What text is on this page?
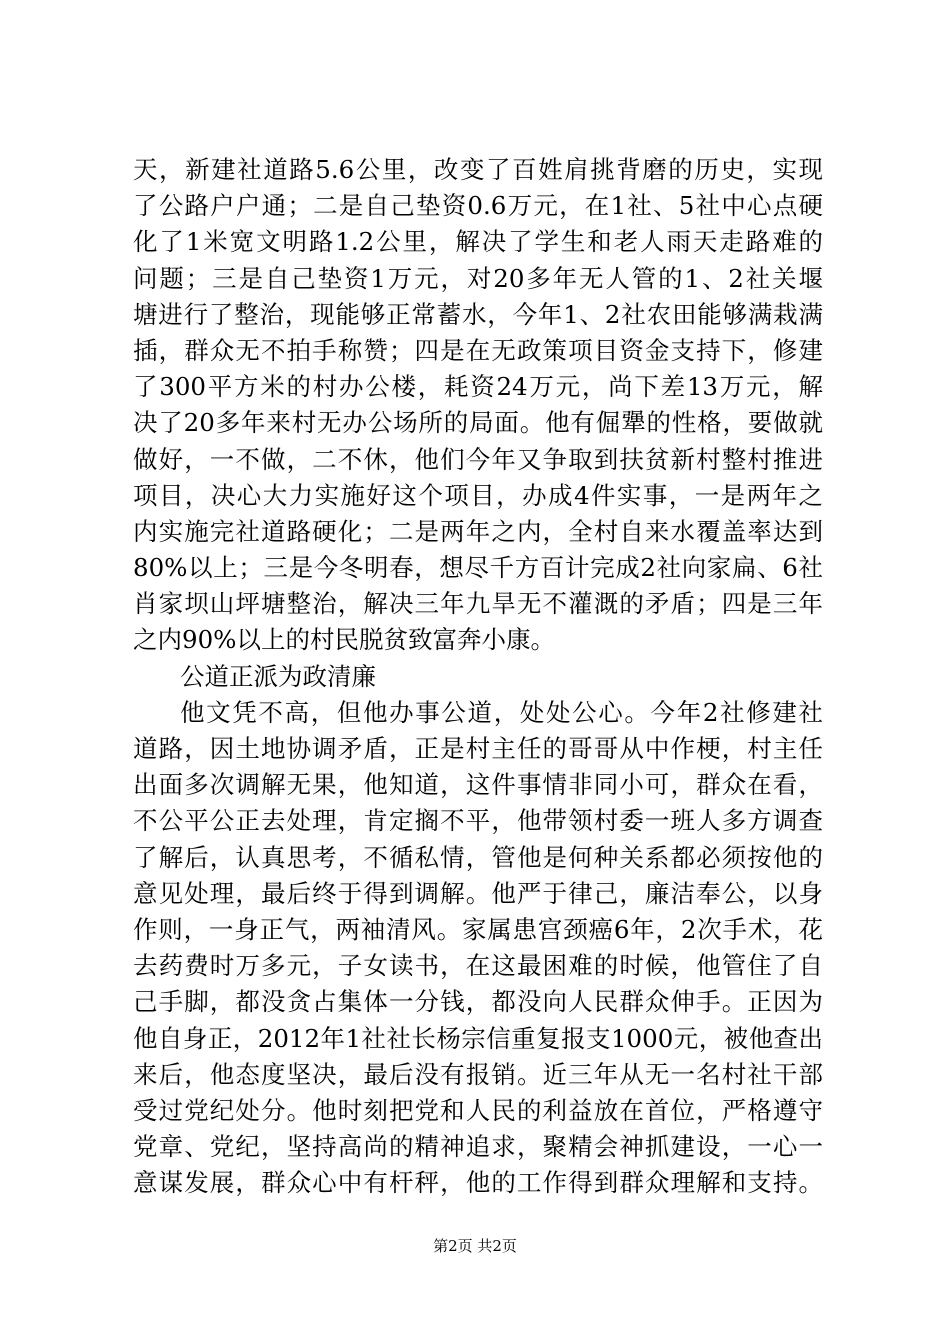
天，新建社道路5.6公里，改变了百姓肩挑背磨的历史，实现
了公路户户通；二是自己垫资0.6万元，在1社、5社中心点硬
化了1米宽文明路1.2公里，解决了学生和老人雨天走路难的
问题；三是自己垫资1万元，对20多年无人管的1、2社关堰
塘进行了整治，现能够正常蓄水，今年1、2社农田能够满栽满
插，群众无不拍手称赞；四是在无政策项目资金支持下，修建
了300平方米的村办公楼，耗资24万元，尚下差13万元，解
决了20多年来村无办公场所的局面。他有倔犟的性格，要做就
做好，一不做，二不休，他们今年又争取到扶贫新村整村推进
项目，决心大力实施好这个项目，办成4件实事，一是两年之
内实施完社道路硬化；二是两年之内，全村自来水覆盖率达到
80%以上；三是今冬明春，想尽千方百计完成2社向家扁、6社
肖家坝山坪塘整治，解决三年九旱无不灌溉的矛盾；四是三年
之内90%以上的村民脱贫致富奔小康。
公道正派为政清廉
他文凭不高，但他办事公道，处处公心。今年2社修建社
道路，因土地协调矛盾，正是村主任的哥哥从中作梗，村主任
出面多次调解无果，他知道，这件事情非同小可，群众在看，
不公平公正去处理，肯定搁不平，他带领村委一班人多方调查
了解后，认真思考，不循私情，管他是何种关系都必须按他的
意见处理，最后终于得到调解。他严于律己，廉洁奉公，以身
作则，一身正气，两袖清风。家属患宫颈癌6年，2次手术，花
去药费时万多元，子女读书，在这最困难的时候，他管住了自
己手脚，都没贪占集体一分钱，都没向人民群众伸手。正因为
他自身正，2012年1社社长杨宗信重复报支1000元，被他查出
来后，他态度坚决，最后没有报销。近三年从无一名村社干部
受过党纪处分。他时刻把党和人民的利益放在首位，严格遵守
党章、党纪，坚持高尚的精神追求，聚精会神抓建设，一心一
意谋发展，群众心中有杆秤，他的工作得到群众理解和支持。
第2页 共2页
